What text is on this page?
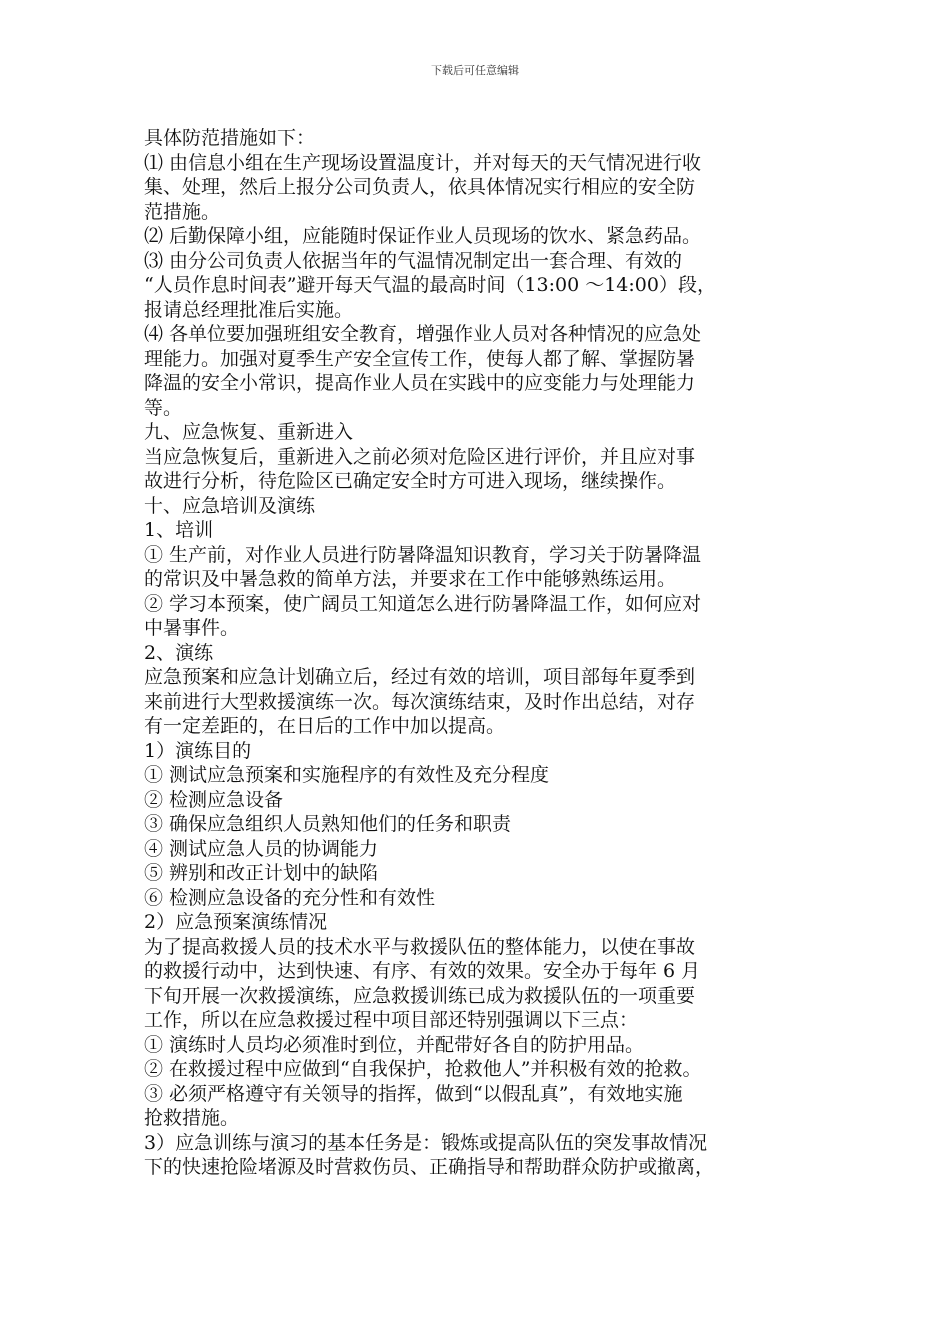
下载后可任意编辑
具体防范措施如下：
⑴ 由信息小组在生产现场设置温度计，并对每天的天气情况进行收
集、处理，然后上报分公司负责人，依具体情况实行相应的安全防
范措施。
⑵ 后勤保障小组，应能随时保证作业人员现场的饮水、紧急药品。
⑶ 由分公司负责人依据当年的气温情况制定出一套合理、有效的
“人员作息时间表”避开每天气温的最高时间（13:00 ～14:00）段，
报请总经理批准后实施。
⑷ 各单位要加强班组安全教育，增强作业人员对各种情况的应急处
理能力。加强对夏季生产安全宣传工作，使每人都了解、掌握防暑
降温的安全小常识，提高作业人员在实践中的应变能力与处理能力
等。
九、应急恢复、重新进入
当应急恢复后，重新进入之前必须对危险区进行评价，并且应对事
故进行分析，待危险区已确定安全时方可进入现场，继续操作。
十、应急培训及演练
1、培训
① 生产前，对作业人员进行防暑降温知识教育，学习关于防暑降温
的常识及中暑急救的简单方法，并要求在工作中能够熟练运用。
② 学习本预案，使广阔员工知道怎么进行防暑降温工作，如何应对
中暑事件。
2、演练
应急预案和应急计划确立后，经过有效的培训，项目部每年夏季到
来前进行大型救援演练一次。每次演练结束，及时作出总结，对存
有一定差距的，在日后的工作中加以提高。
1）演练目的
① 测试应急预案和实施程序的有效性及充分程度
② 检测应急设备
③ 确保应急组织人员熟知他们的任务和职责
④ 测试应急人员的协调能力
⑤ 辨别和改正计划中的缺陷
⑥ 检测应急设备的充分性和有效性
2）应急预案演练情况
为了提高救援人员的技术水平与救援队伍的整体能力，以使在事故
的救援行动中，达到快速、有序、有效的效果。安全办于每年 6 月
下旬开展一次救援演练，应急救援训练已成为救援队伍的一项重要
工作，所以在应急救援过程中项目部还特别强调以下三点：
① 演练时人员均必须准时到位，并配带好各自的防护用品。
② 在救援过程中应做到“自我保护，抢救他人”并积极有效的抢救。
③ 必须严格遵守有关领导的指挥，做到“以假乱真”，有效地实施
抢救措施。
3）应急训练与演习的基本任务是：锻炼或提高队伍的突发事故情况
下的快速抢险堵源及时营救伤员、正确指导和帮助群众防护或撤离，
